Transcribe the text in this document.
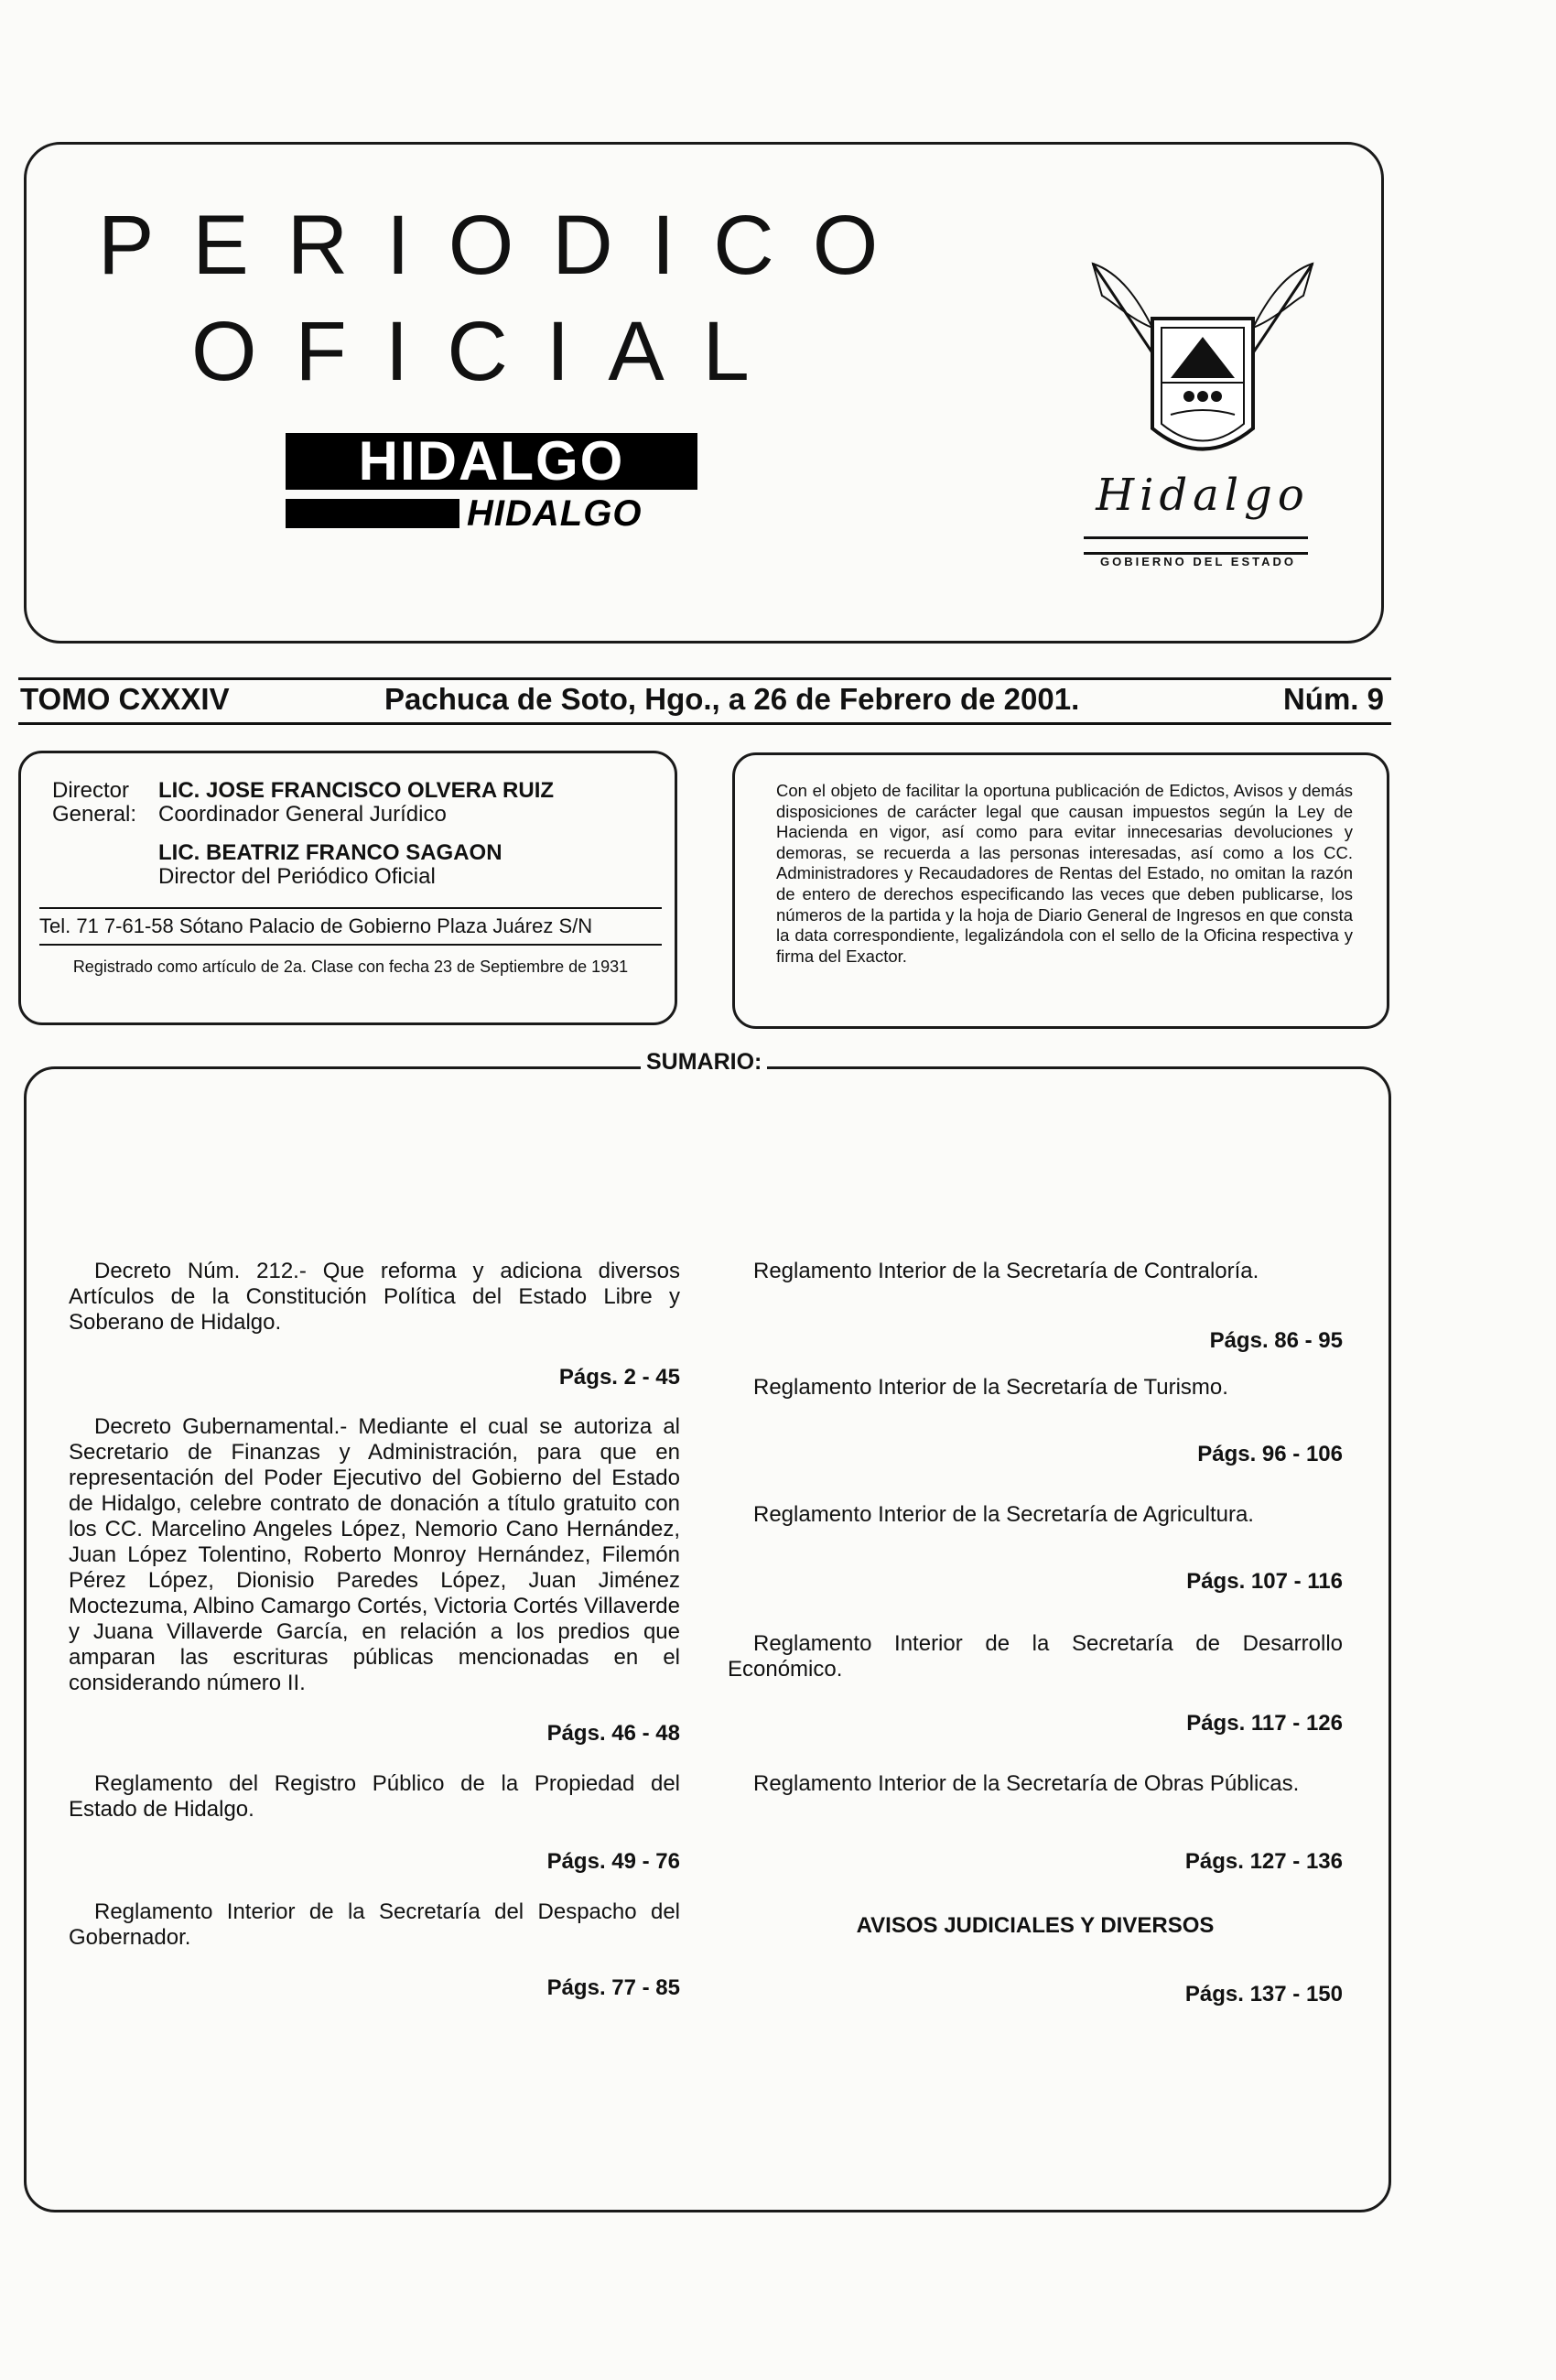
PERIODICO
OFICIAL
HIDALGO
HIDALGO	Hidalgo
GOBIERNO DEL ESTADO
TOMO CXXXIV	Pachuca de Soto, Hgo., a 26 de Febrero de 2001.	Núm. 9
Director General:
LIC. JOSE FRANCISCO OLVERA RUIZ
Coordinador General Jurídico
LIC. BEATRIZ FRANCO SAGAON
Director del Periódico Oficial
Tel. 71 7-61-58 Sótano Palacio de Gobierno Plaza Juárez S/N
Registrado como artículo de 2a. Clase con fecha 23 de Septiembre de 1931
Con el objeto de facilitar la oportuna publicación de Edictos, Avisos y demás disposiciones de carácter legal que causan impuestos según la Ley de Hacienda en vigor, así como para evitar innecesarias devoluciones y demoras, se recuerda a las personas interesadas, así como a los CC. Administradores y Recaudadores de Rentas del Estado, no omitan la razón de entero de derechos especificando las veces que deben publicarse, los números de la partida y la hoja de Diario General de Ingresos en que consta la data correspondiente, legalizándola con el sello de la Oficina respectiva y firma del Exactor.
SUMARIO:
Decreto Núm. 212.- Que reforma y adiciona diversos Artículos de la Constitución Política del Estado Libre y Soberano de Hidalgo.
Págs. 2 - 45
Decreto Gubernamental.- Mediante el cual se autoriza al Secretario de Finanzas y Administración, para que en representación del Poder Ejecutivo del Gobierno del Estado de Hidalgo, celebre contrato de donación a título gratuito con los CC. Marcelino Angeles López, Nemorio Cano Hernández, Juan López Tolentino, Roberto Monroy Hernández, Filemón Pérez López, Dionisio Paredes López, Juan Jiménez Moctezuma, Albino Camargo Cortés, Victoria Cortés Villaverde y Juana Villaverde García, en relación a los predios que amparan las escrituras públicas mencionadas en el considerando número II.
Págs. 46 - 48
Reglamento del Registro Público de la Propiedad del Estado de Hidalgo.
Págs. 49 - 76
Reglamento Interior de la Secretaría del Despacho del Gobernador.
Págs. 77 - 85
Reglamento Interior de la Secretaría de Contraloría.
Págs. 86 - 95
Reglamento Interior de la Secretaría de Turismo.
Págs. 96 - 106
Reglamento Interior de la Secretaría de Agricultura.
Págs. 107 - 116
Reglamento Interior de la Secretaría de Desarrollo Económico.
Págs. 117 - 126
Reglamento Interior de la Secretaría de Obras Públicas.
Págs. 127 - 136
AVISOS JUDICIALES Y DIVERSOS
Págs. 137 - 150
